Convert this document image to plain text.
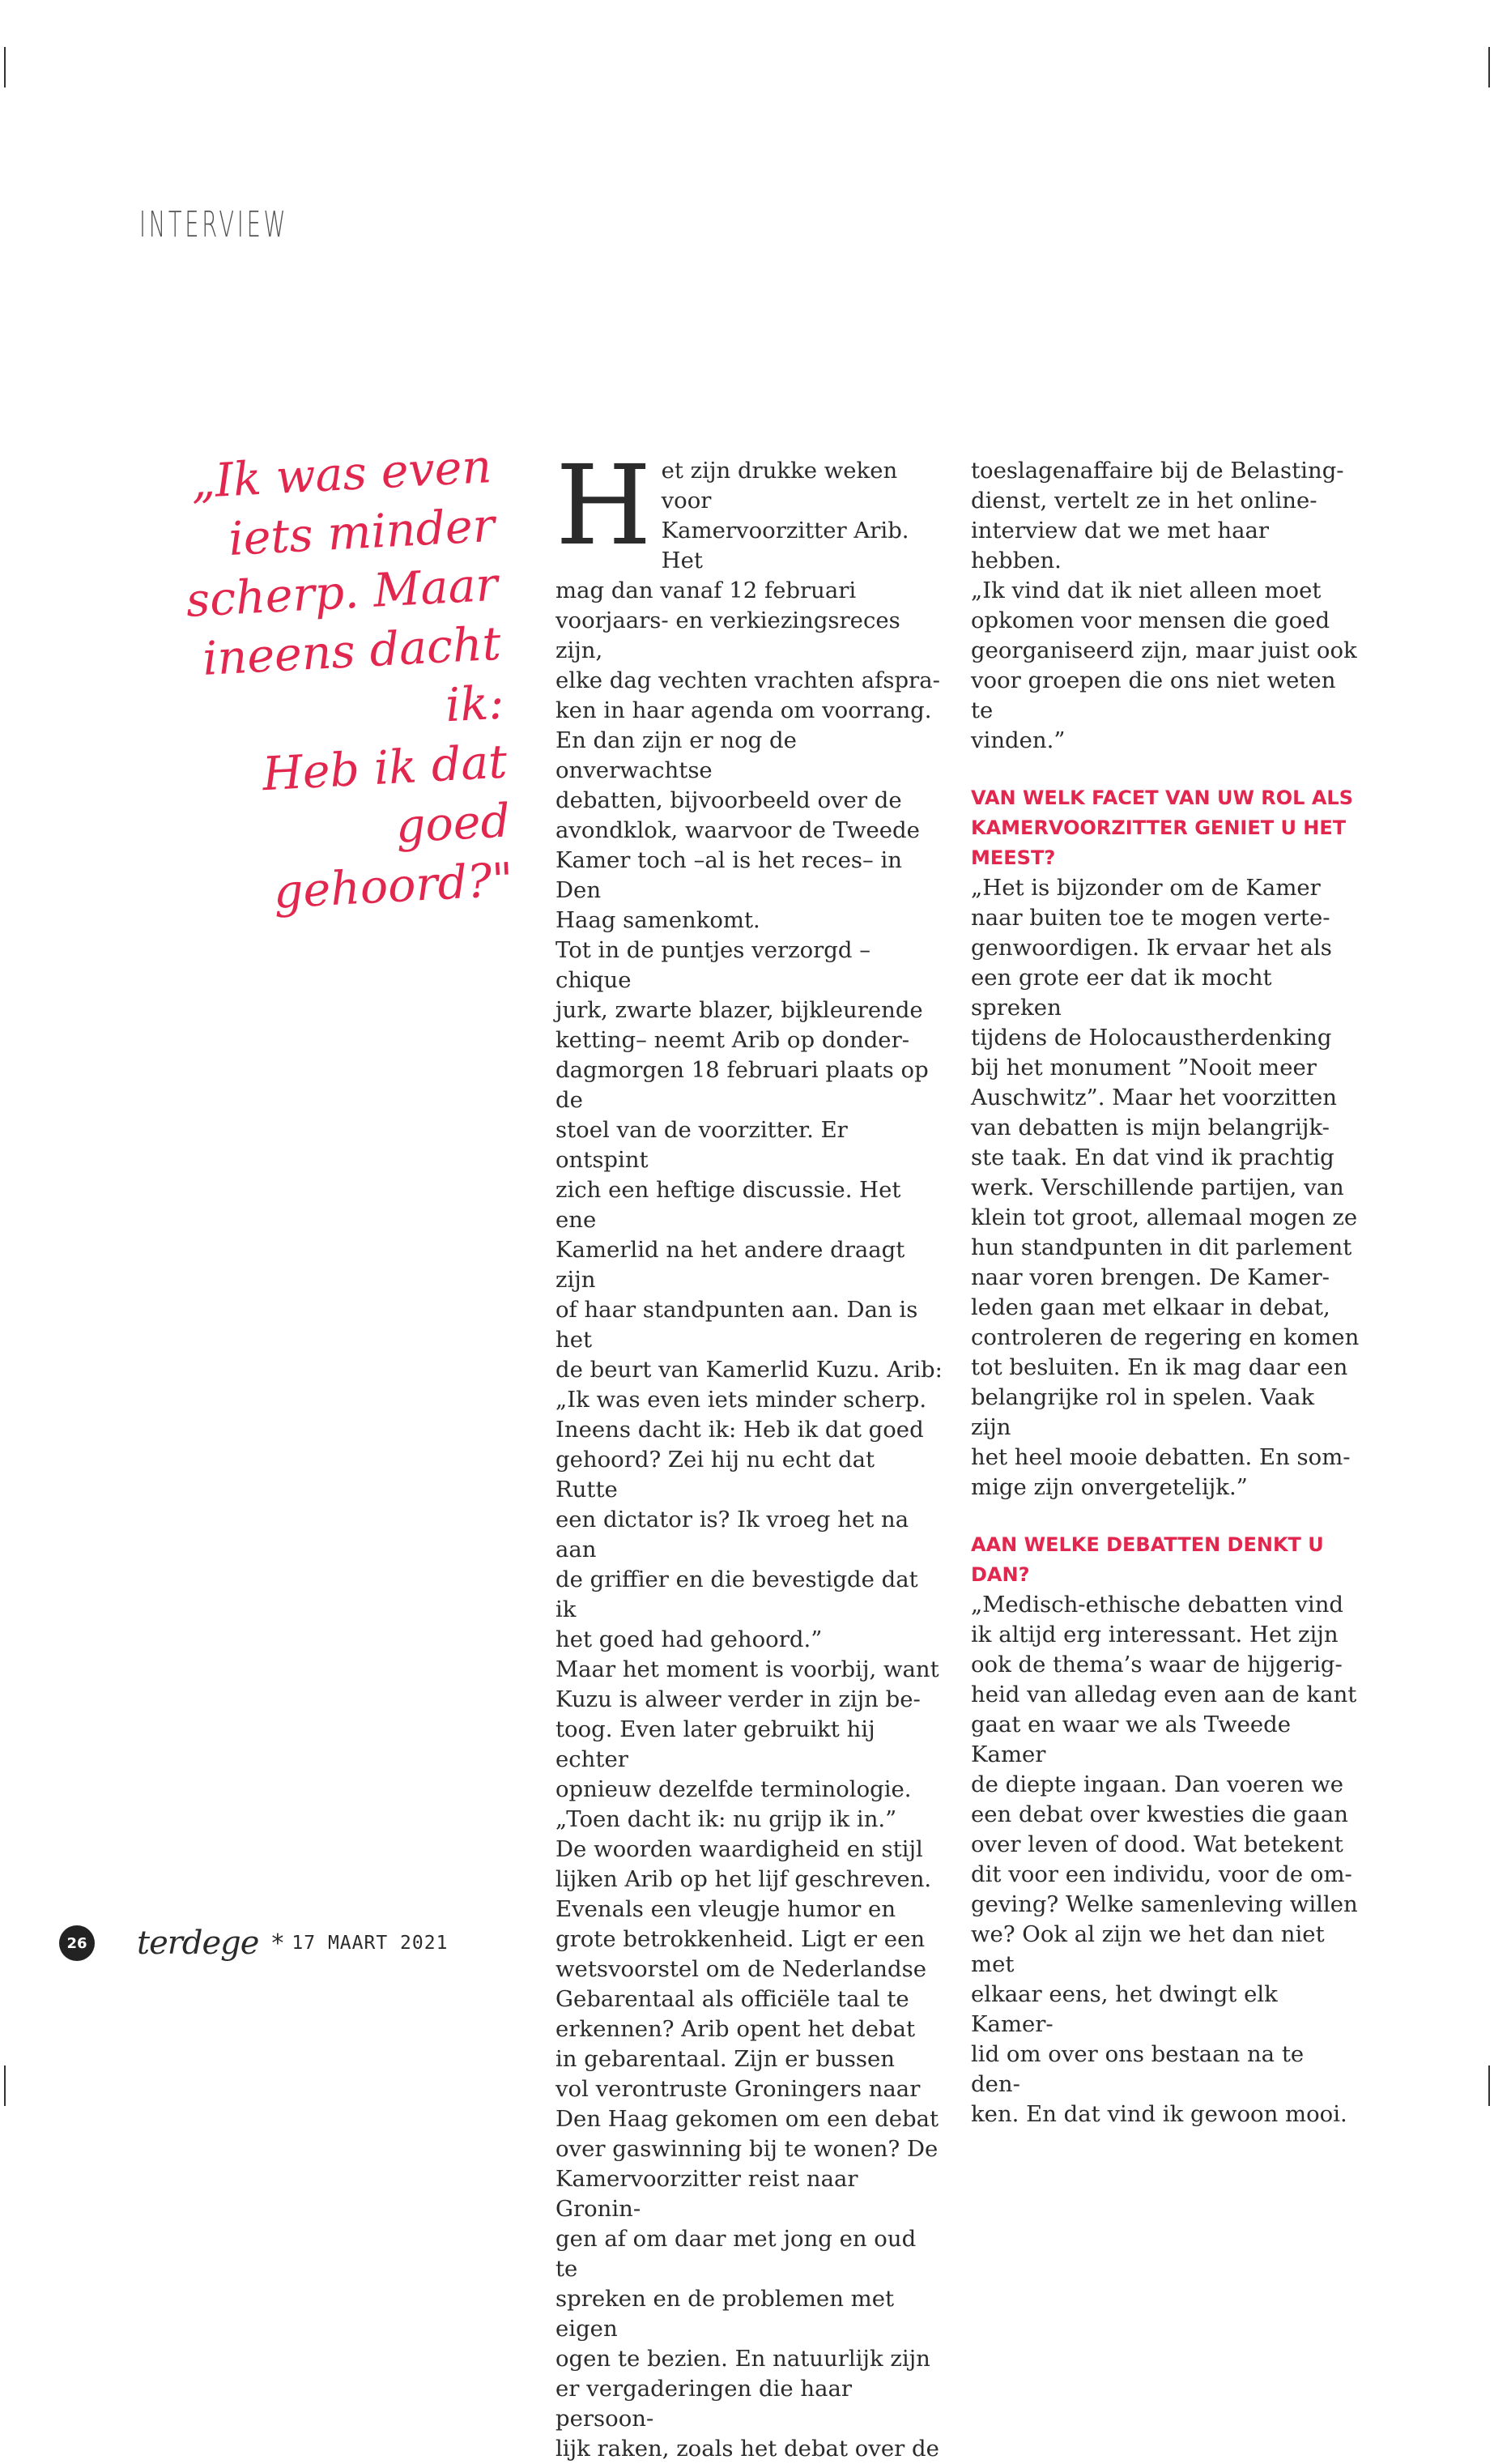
INTERVIEW
„Ik was even
iets minder
scherp. Maar
ineens dacht ik:
Heb ik dat goed
gehoord?"
H et zijn drukke weken voor
Kamervoorzitter Arib. Het
mag dan vanaf 12 februari
voorjaars- en verkiezingsreces zijn,
elke dag vechten vrachten afspra-
ken in haar agenda om voorrang.
En dan zijn er nog de onverwachtse
debatten, bijvoorbeeld over de
avondklok, waarvoor de Tweede
Kamer toch –al is het reces– in Den
Haag samenkomt.

Tot in de puntjes verzorgd –chique
jurk, zwarte blazer, bijkleurende
ketting– neemt Arib op donder-
dagmorgen 18 februari plaats op de
stoel van de voorzitter. Er ontspint
zich een heftige discussie. Het ene
Kamerlid na het andere draagt zijn
of haar standpunten aan. Dan is het
de beurt van Kamerlid Kuzu. Arib:
„Ik was even iets minder scherp.
Ineens dacht ik: Heb ik dat goed
gehoord? Zei hij nu echt dat Rutte
een dictator is? Ik vroeg het na aan
de griffier en die bevestigde dat ik
het goed had gehoord.”

Maar het moment is voorbij, want
Kuzu is alweer verder in zijn be-
toog. Even later gebruikt hij echter
opnieuw dezelfde terminologie.
„Toen dacht ik: nu grijp ik in.”

De woorden waardigheid en stijl
lijken Arib op het lijf geschreven.
Evenals een vleugje humor en
grote betrokkenheid. Ligt er een
wetsvoorstel om de Nederlandse
Gebarentaal als officiële taal te
erkennen? Arib opent het debat
in gebarentaal. Zijn er bussen
vol verontruste Groningers naar
Den Haag gekomen om een debat
over gaswinning bij te wonen? De
Kamervoorzitter reist naar Gronin-
gen af om daar met jong en oud te
spreken en de problemen met eigen
ogen te bezien. En natuurlijk zijn
er vergaderingen die haar persoon-
lijk raken, zoals het debat over de

toeslagenaffaire bij de Belasting-
dienst, vertelt ze in het online-
interview dat we met haar hebben.
„Ik vind dat ik niet alleen moet
opkomen voor mensen die goed
georganiseerd zijn, maar juist ook
voor groepen die ons niet weten te
vinden.”

VAN WELK FACET VAN UW ROL ALS
KAMERVOORZITTER GENIET U HET
MEEST?

„Het is bijzonder om de Kamer
naar buiten toe te mogen verte-
genwoordigen. Ik ervaar het als
een grote eer dat ik mocht spreken
tijdens de Holocaustherdenking
bij het monument ”Nooit meer
Auschwitz”. Maar het voorzitten
van debatten is mijn belangrijk-
ste taak. En dat vind ik prachtig
werk. Verschillende partijen, van
klein tot groot, allemaal mogen ze
hun standpunten in dit parlement
naar voren brengen. De Kamer-
leden gaan met elkaar in debat,
controleren de regering en komen
tot besluiten. En ik mag daar een
belangrijke rol in spelen. Vaak zijn
het heel mooie debatten. En som-
mige zijn onvergetelijk.”

AAN WELKE DEBATTEN DENKT U
DAN?

„Medisch-ethische debatten vind
ik altijd erg interessant. Het zijn
ook de thema’s waar de hijgerig-
heid van alledag even aan de kant
gaat en waar we als Tweede Kamer
de diepte ingaan. Dan voeren we
een debat over kwesties die gaan
over leven of dood. Wat betekent
dit voor een individu, voor de om-
geving? Welke samenleving willen
we? Ook al zijn we het dan niet met
elkaar eens, het dwingt elk Kamer-
lid om over ons bestaan na te den-
ken. En dat vind ik gewoon mooi.

26 terdege * 17 MAART 2021
